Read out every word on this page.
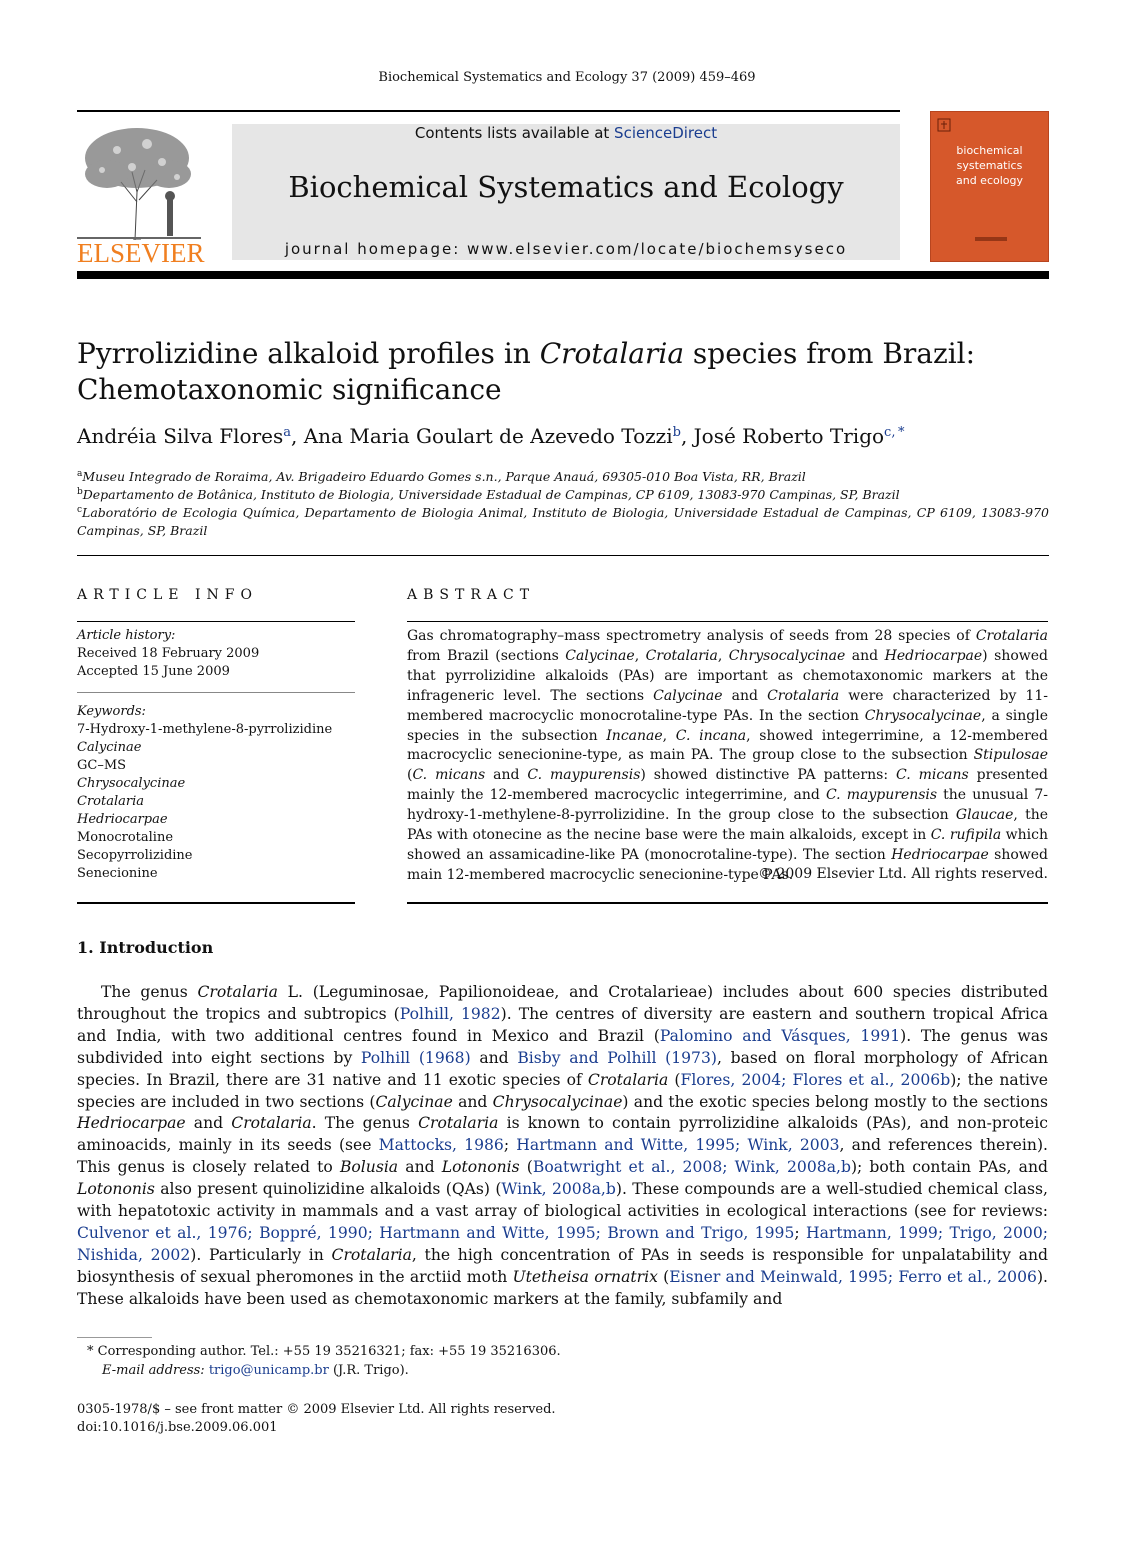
Biochemical Systematics and Ecology 37 (2009) 459–469
ELSEVIER
Contents lists available at ScienceDirect
Biochemical Systematics and Ecology
journal homepage: www.elsevier.com/locate/biochemsyseco
biochemical
systematics
and ecology
Pyrrolizidine alkaloid profiles in Crotalaria species from Brazil:
Chemotaxonomic significance
Andréia Silva Flores$^a$, Ana Maria Goulart de Azevedo Tozzi$^b$, José Roberto Trigo$^{c, *}$
$^a$Museu Integrado de Roraima, Av. Brigadeiro Eduardo Gomes s.n., Parque Anauá, 69305-010 Boa Vista, RR, Brazil
$^b$Departamento de Botânica, Instituto de Biologia, Universidade Estadual de Campinas, CP 6109, 13083-970 Campinas, SP, Brazil
$^c$Laboratório de Ecologia Química, Departamento de Biologia Animal, Instituto de Biologia, Universidade Estadual de Campinas, CP 6109, 13083-970 Campinas, SP, Brazil
ARTICLE INFO
Article history:
Received 18 February 2009
Accepted 15 June 2009
Keywords:
7-Hydroxy-1-methylene-8-pyrrolizidine
Calycinae
GC–MS
Chrysocalycinae
Crotalaria
Hedriocarpae
Monocrotaline
Secopyrrolizidine
Senecionine
ABSTRACT
Gas chromatography–mass spectrometry analysis of seeds from 28 species of Crotalaria from Brazil (sections Calycinae, Crotalaria, Chrysocalycinae and Hedriocarpae) showed that pyrrolizidine alkaloids (PAs) are important as chemotaxonomic markers at the infrageneric level. The sections Calycinae and Crotalaria were characterized by 11-membered macrocyclic monocrotaline-type PAs. In the section Chrysocalycinae, a single species in the subsection Incanae, C. incana, showed integerrimine, a 12-membered macrocyclic senecionine-type, as main PA. The group close to the subsection Stipulosae (C. micans and C. maypurensis) showed distinctive PA patterns: C. micans presented mainly the 12-membered macrocyclic integerrimine, and C. maypurensis the unusual 7-hydroxy-1-methylene-8-pyrrolizidine. In the group close to the subsection Glaucae, the PAs with otonecine as the necine base were the main alkaloids, except in C. rufipila which showed an assamicadine-like PA (monocrotaline-type). The section Hedriocarpae showed main 12-membered macrocyclic senecionine-type PAs.
© 2009 Elsevier Ltd. All rights reserved.
1. Introduction
The genus Crotalaria L. (Leguminosae, Papilionoideae, and Crotalarieae) includes about 600 species distributed throughout the tropics and subtropics (Polhill, 1982). The centres of diversity are eastern and southern tropical Africa and India, with two additional centres found in Mexico and Brazil (Palomino and Vásques, 1991). The genus was subdivided into eight sections by Polhill (1968) and Bisby and Polhill (1973), based on floral morphology of African species. In Brazil, there are 31 native and 11 exotic species of Crotalaria (Flores, 2004; Flores et al., 2006b); the native species are included in two sections (Calycinae and Chrysocalycinae) and the exotic species belong mostly to the sections Hedriocarpae and Crotalaria. The genus Crotalaria is known to contain pyrrolizidine alkaloids (PAs), and non-proteic aminoacids, mainly in its seeds (see Mattocks, 1986; Hartmann and Witte, 1995; Wink, 2003, and references therein). This genus is closely related to Bolusia and Lotononis (Boatwright et al., 2008; Wink, 2008a,b); both contain PAs, and Lotononis also present quinolizidine alkaloids (QAs) (Wink, 2008a,b). These compounds are a well-studied chemical class, with hepatotoxic activity in mammals and a vast array of biological activities in ecological interactions (see for reviews: Culvenor et al., 1976; Boppré, 1990; Hartmann and Witte, 1995; Brown and Trigo, 1995; Hartmann, 1999; Trigo, 2000; Nishida, 2002). Particularly in Crotalaria, the high concentration of PAs in seeds is responsible for unpalatability and biosynthesis of sexual pheromones in the arctiid moth Utetheisa ornatrix (Eisner and Meinwald, 1995; Ferro et al., 2006). These alkaloids have been used as chemotaxonomic markers at the family, subfamily and
* Corresponding author. Tel.: +55 19 35216321; fax: +55 19 35216306.
E-mail address: trigo@unicamp.br (J.R. Trigo).
0305-1978/$ – see front matter © 2009 Elsevier Ltd. All rights reserved.
doi:10.1016/j.bse.2009.06.001
